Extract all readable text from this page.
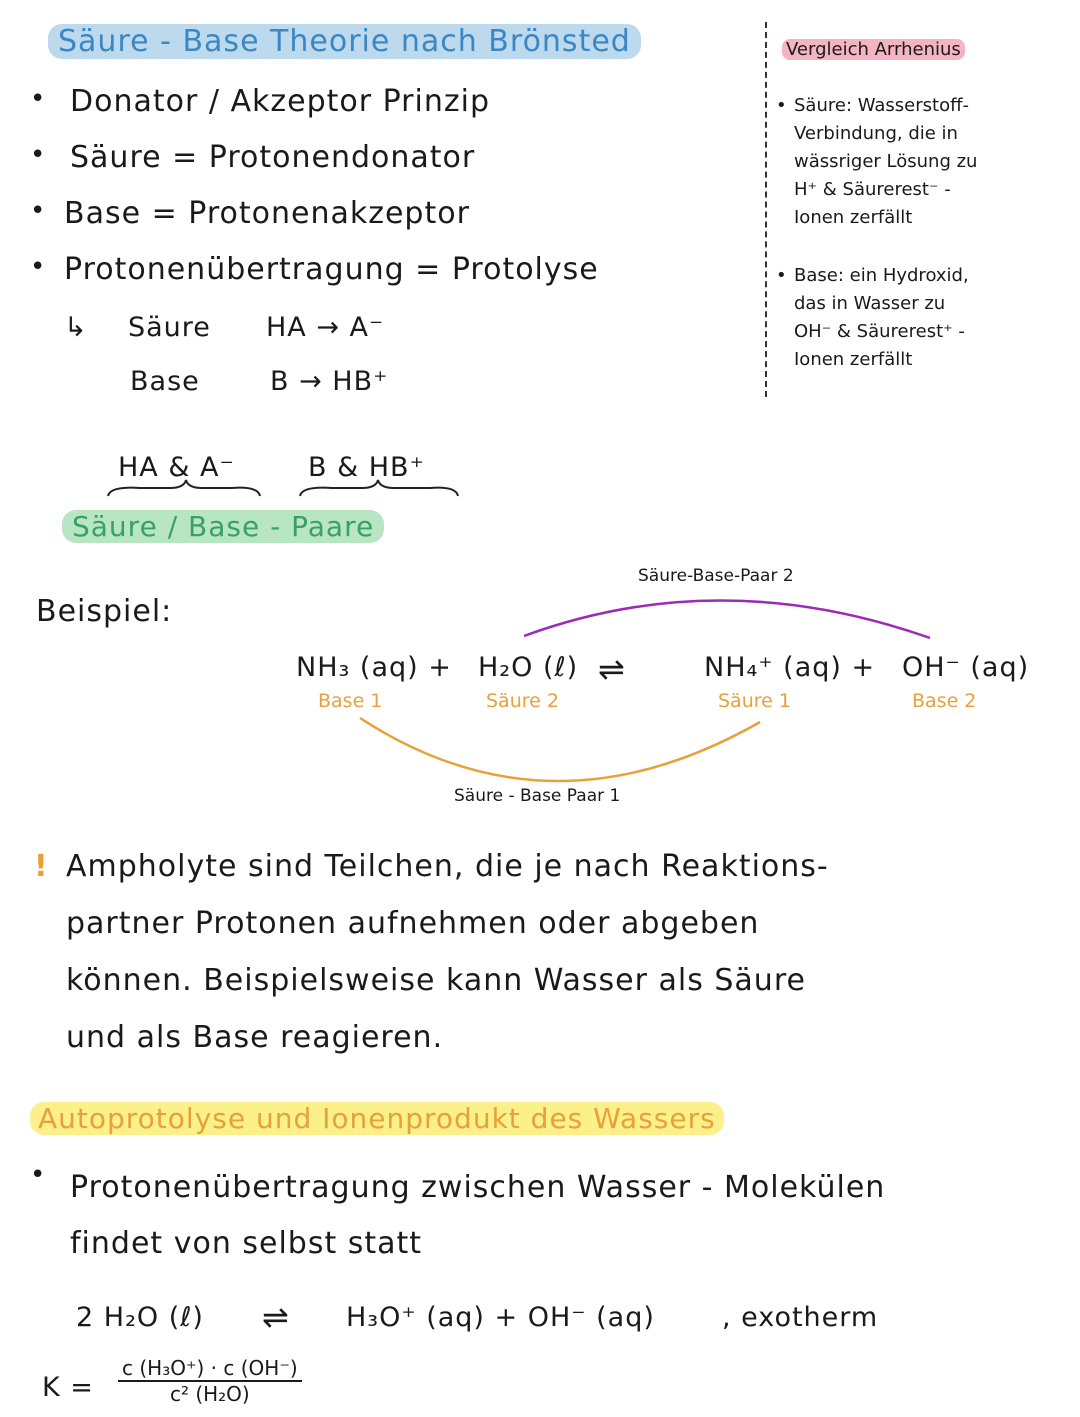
Säure - Base Theorie nach Brönsted
• Donator / Akzeptor Prinzip
• Säure = Protonendonator
• Base = Protonenakzeptor
• Protonenübertragung = Protolyse
↳ Säure HA → A⁻
Base	B → HB⁺
HA & A⁻	B & HB⁺
Säure / Base - Paare
Vergleich Arrhenius
• Säure: Wasserstoff-
Verbindung, die in
wässriger Lösung zu
H⁺ & Säurerest⁻ -
Ionen zerfällt
• Base: ein Hydroxid,
das in Wasser zu
OH⁻ & Säurerest⁺ -
Ionen zerfällt
Beispiel:
Säure-Base-Paar 2
NH₃ (aq) + H₂O (ℓ) ⇌	NH₄⁺ (aq) + OH⁻ (aq)
Base 1	Säure 2	Säure 1	Base 2
Säure - Base Paar 1
! Ampholyte sind Teilchen, die je nach Reaktions-
partner Protonen aufnehmen oder abgeben
können. Beispielsweise kann Wasser als Säure
und als Base reagieren.
Autoprotolyse und Ionenprodukt des Wassers
• Protonenübertragung zwischen Wasser - Molekülen
findet von selbst statt
2 H₂O (ℓ) ⇌ H₃O⁺ (aq) + OH⁻ (aq) , exotherm
$K = \frac{\text{c (H₃O⁺) · c (OH⁻)}}{\text{c² (H₂O)}}$
